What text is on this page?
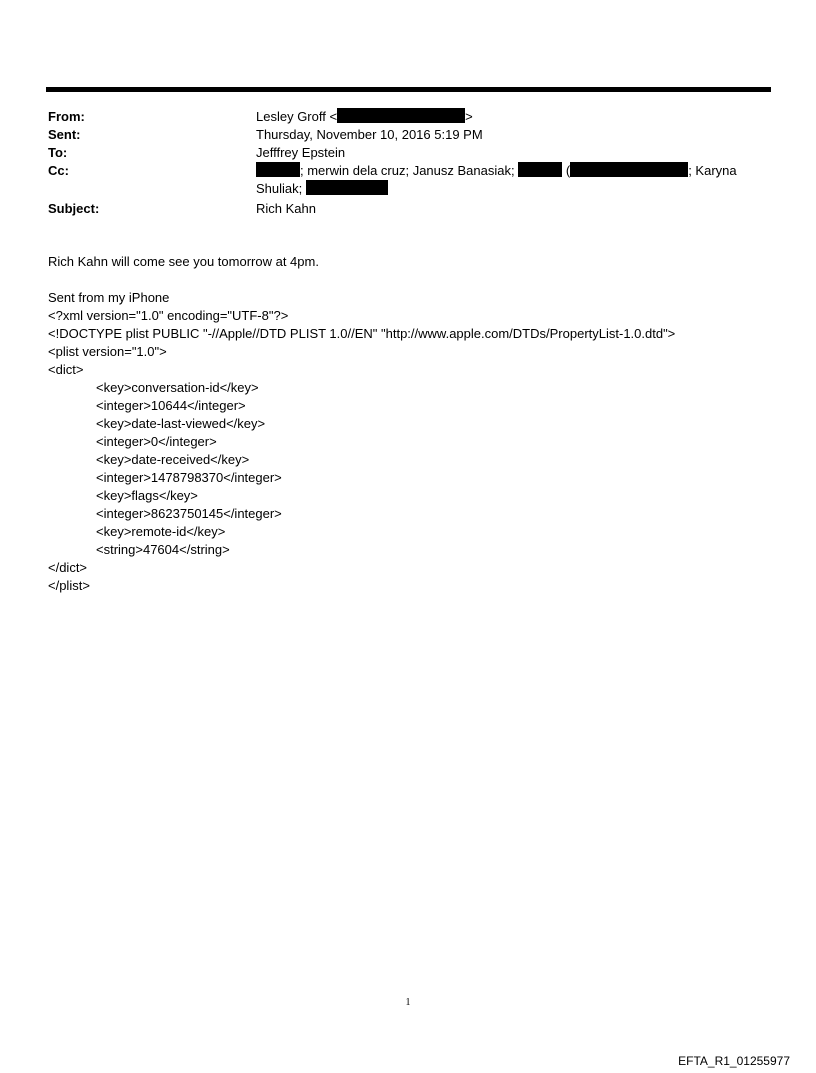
From:	Lesley Groff <	>
Sent:	Thursday, November 10, 2016 5:19 PM
To:	Jefffrey Epstein
Cc:	; merwin dela cruz; Janusz Banasiak;	(	; Karyna
Shuliak;
Subject:	Rich Kahn

Rich Kahn will come see you tomorrow at 4pm.

Sent from my iPhone

<?xml version="1.0" encoding="UTF-8"?>

<!DOCTYPE plist PUBLIC "-//Apple//DTD PLIST 1.0//EN" "http://www.apple.com/DTDs/PropertyList-1.0.dtd">

<plist version="1.0">

<dict>

<key>conversation-id</key>

<integer>10644</integer>

<key>date-last-viewed</key>

<integer>0</integer>

<key>date-received</key>

<integer>1478798370</integer>

<key>flags</key>

<integer>8623750145</integer>

<key>remote-id</key>

<string>47604</string>

</dict>

</plist>

1
EFTA_R1_01255977
